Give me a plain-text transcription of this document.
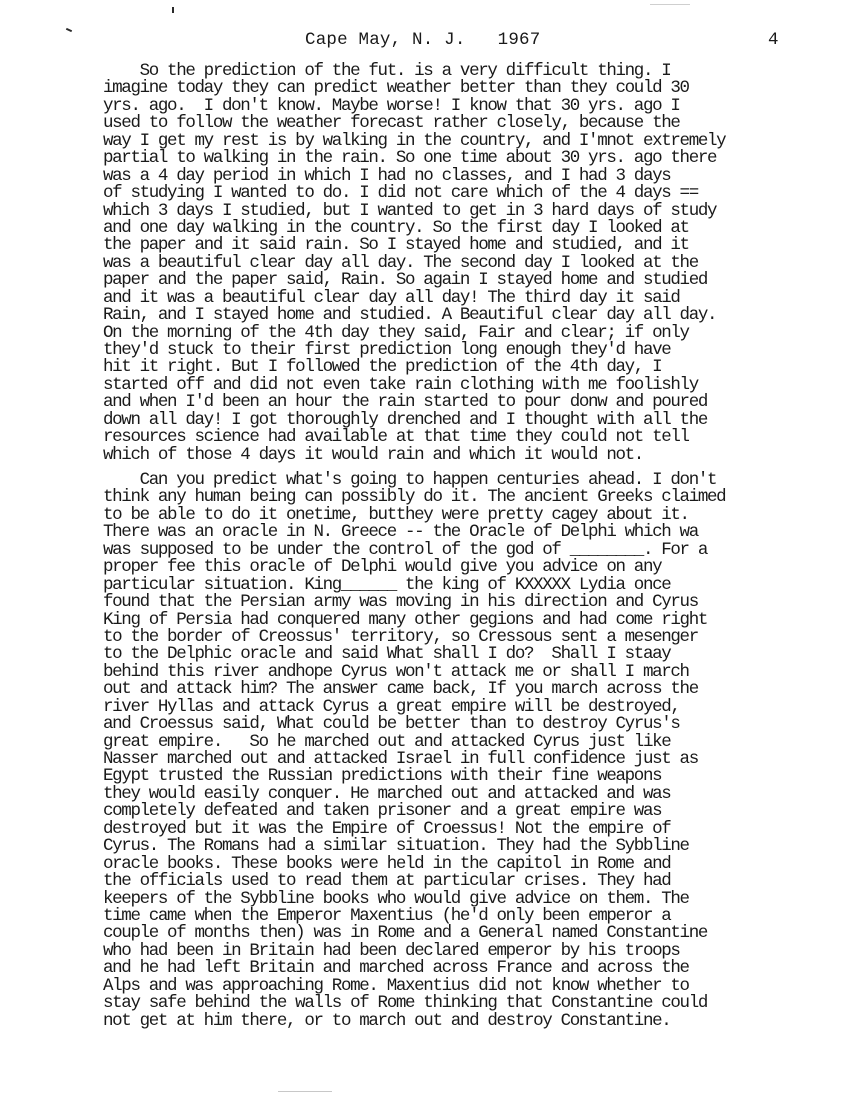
Cape May, N. J.   1967	4
So the prediction of the fut. is a very difficult thing. I
imagine today they can predict weather better than they could 30
yrs. ago.  I don't know. Maybe worse! I know that 30 yrs. ago I
used to follow the weather forecast rather closely, because the
way I get my rest is by walking in the country, and I'mnot extremely
partial to walking in the rain. So one time about 30 yrs. ago there
was a 4 day period in which I had no classes, and I had 3 days
of studying I wanted to do. I did not care which of the 4 days ==
which 3 days I studied, but I wanted to get in 3 hard days of study
and one day walking in the country. So the first day I looked at
the paper and it said rain. So I stayed home and studied, and it
was a beautiful clear day all day. The second day I looked at the
paper and the paper said, Rain. So again I stayed home and studied
and it was a beautiful clear day all day! The third day it said
Rain, and I stayed home and studied. A Beautiful clear day all day.
On the morning of the 4th day they said, Fair and clear; if only
they'd stuck to their first prediction long enough they'd have
hit it right. But I followed the prediction of the 4th day, I
started off and did not even take rain clothing with me foolishly
and when I'd been an hour the rain started to pour donw and poured
down all day! I got thoroughly drenched and I thought with all the
resources science had available at that time they could not tell
which of those 4 days it would rain and which it would not.
Can you predict what's going to happen centuries ahead. I don't
think any human being can possibly do it. The ancient Greeks claimed
to be able to do it onetime, butthey were pretty cagey about it.
There was an oracle in N. Greece -- the Oracle of Delphi which wa
was supposed to be under the control of the god of ________. For a
proper fee this oracle of Delphi would give you advice on any
particular situation. King______ the king of KXXXXX Lydia once
found that the Persian army was moving in his direction and Cyrus
King of Persia had conquered many other gegions and had come right
to the border of Creossus' territory, so Cressous sent a mesenger
to the Delphic oracle and said What shall I do?  Shall I staay
behind this river andhope Cyrus won't attack me or shall I march
out and attack him? The answer came back, If you march across the
river Hyllas and attack Cyrus a great empire will be destroyed,
and Croessus said, What could be better than to destroy Cyrus's
great empire.   So he marched out and attacked Cyrus just like
Nasser marched out and attacked Israel in full confidence just as
Egypt trusted the Russian predictions with their fine weapons
they would easily conquer. He marched out and attacked and was
completely defeated and taken prisoner and a great empire was
destroyed but it was the Empire of Croessus! Not the empire of
Cyrus. The Romans had a similar situation. They had the Sybbline
oracle books. These books were held in the capitol in Rome and
the officials used to read them at particular crises. They had
keepers of the Sybbline books who would give advice on them. The
time came when the Emperor Maxentius (he'd only been emperor a
couple of months then) was in Rome and a General named Constantine
who had been in Britain had been declared emperor by his troops
and he had left Britain and marched across France and across the
Alps and was approaching Rome. Maxentius did not know whether to
stay safe behind the walls of Rome thinking that Constantine could
not get at him there, or to march out and destroy Constantine.
